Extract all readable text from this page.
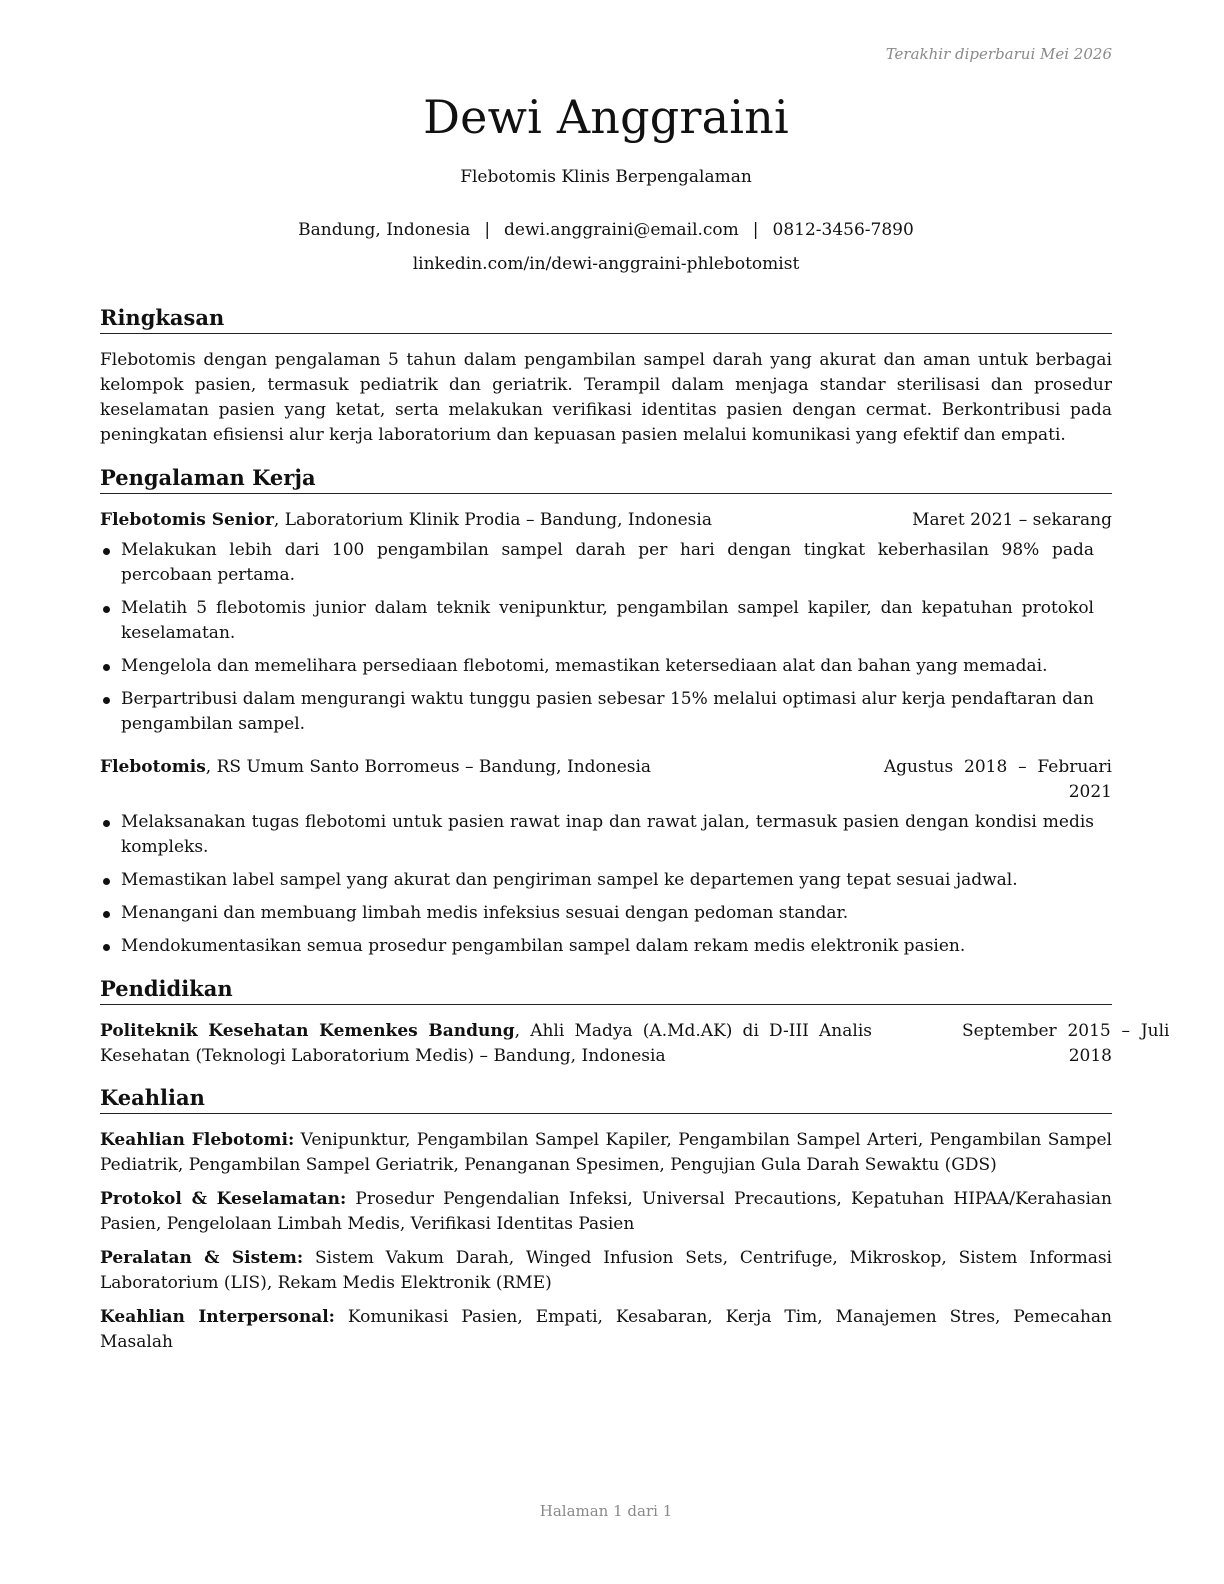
Terakhir diperbarui Mei 2026
Dewi Anggraini
Flebotomis Klinis Berpengalaman
Bandung, Indonesia | dewi.anggraini@email.com | 0812-3456-7890
linkedin.com/in/dewi-anggraini-phlebotomist
Ringkasan
Flebotomis dengan pengalaman 5 tahun dalam pengambilan sampel darah yang akurat dan aman untuk berbagai kelompok pasien, termasuk pediatrik dan geriatrik. Terampil dalam menjaga standar sterilisasi dan prosedur keselamatan pasien yang ketat, serta melakukan verifikasi identitas pasien dengan cermat. Berkontribusi pada peningkatan efisiensi alur kerja laboratorium dan kepuasan pasien melalui komunikasi yang efektif dan empati.
Pengalaman Kerja
Flebotomis Senior, Laboratorium Klinik Prodia – Bandung, Indonesia	Maret 2021 – sekarang
Melakukan lebih dari 100 pengambilan sampel darah per hari dengan tingkat keberhasilan 98% pada percobaan pertama.
Melatih 5 flebotomis junior dalam teknik venipunktur, pengambilan sampel kapiler, dan kepatuhan protokol keselamatan.
Mengelola dan memelihara persediaan flebotomi, memastikan ketersediaan alat dan bahan yang memadai.
Berpartribusi dalam mengurangi waktu tunggu pasien sebesar 15% melalui optimasi alur kerja pendaftaran dan pengambilan sampel.
Flebotomis, RS Umum Santo Borromeus – Bandung, Indonesia	Agustus  2018  –  Februari
2021
Melaksanakan tugas flebotomi untuk pasien rawat inap dan rawat jalan, termasuk pasien dengan kondisi medis kompleks.
Memastikan label sampel yang akurat dan pengiriman sampel ke departemen yang tepat sesuai jadwal.
Menangani dan membuang limbah medis infeksius sesuai dengan pedoman standar.
Mendokumentasikan semua prosedur pengambilan sampel dalam rekam medis elektronik pasien.
Pendidikan
Politeknik Kesehatan Kemenkes Bandung, Ahli Madya (A.Md.AK) di D-III Analis Kesehatan (Teknologi Laboratorium Medis) – Bandung, Indonesia
September  2015  –  Juli
2018
Keahlian
Keahlian Flebotomi: Venipunktur, Pengambilan Sampel Kapiler, Pengambilan Sampel Arteri, Pengambilan Sampel Pediatrik, Pengambilan Sampel Geriatrik, Penanganan Spesimen, Pengujian Gula Darah Sewaktu (GDS)
Protokol & Keselamatan: Prosedur Pengendalian Infeksi, Universal Precautions, Kepatuhan HIPAA/Kerahasian Pasien, Pengelolaan Limbah Medis, Verifikasi Identitas Pasien
Peralatan & Sistem: Sistem Vakum Darah, Winged Infusion Sets, Centrifuge, Mikroskop, Sistem Informasi Laboratorium (LIS), Rekam Medis Elektronik (RME)
Keahlian Interpersonal: Komunikasi Pasien, Empati, Kesabaran, Kerja Tim, Manajemen Stres, Pemecahan Masalah
Halaman 1 dari 1
